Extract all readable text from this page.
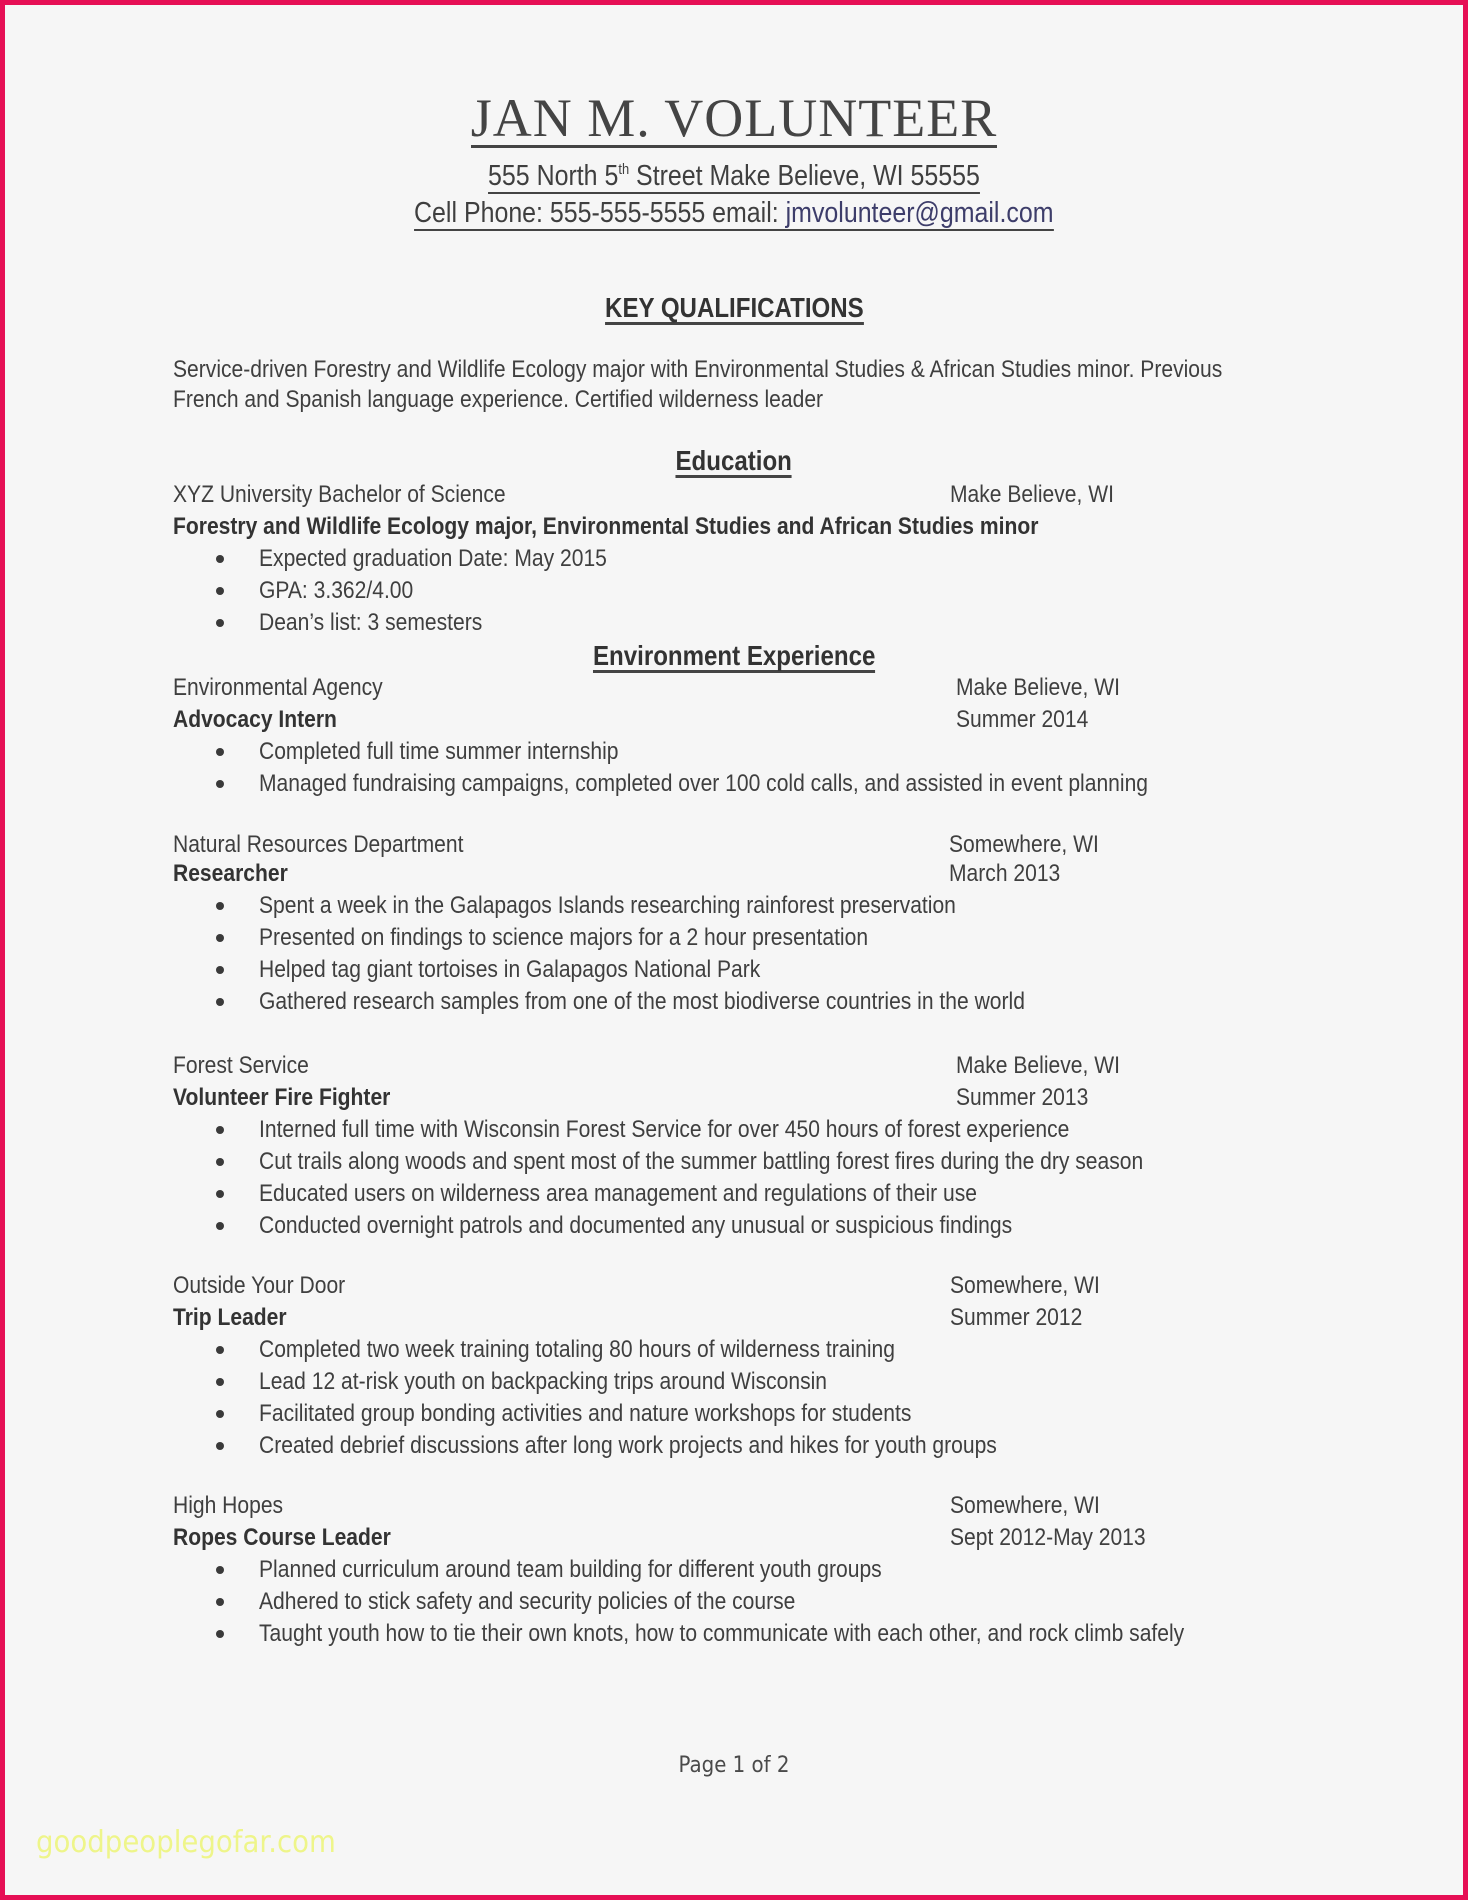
JAN M. VOLUNTEER
555 North 5th Street Make Believe, WI 55555
Cell Phone: 555-555-5555 email: jmvolunteer@gmail.com
KEY QUALIFICATIONS
Service-driven Forestry and Wildlife Ecology major with Environmental Studies & African Studies minor. Previous
French and Spanish language experience. Certified wilderness leader
Education
XYZ University Bachelor of Science	Make Believe, WI
Forestry and Wildlife Ecology major, Environmental Studies and African Studies minor
Expected graduation Date: May 2015
GPA: 3.362/4.00
Dean’s list: 3 semesters
Environment Experience
Environmental Agency	Make Believe, WI
Advocacy Intern	Summer 2014
Completed full time summer internship
Managed fundraising campaigns, completed over 100 cold calls, and assisted in event planning
Natural Resources Department	Somewhere, WI
Researcher	March 2013
Spent a week in the Galapagos Islands researching rainforest preservation
Presented on findings to science majors for a 2 hour presentation
Helped tag giant tortoises in Galapagos National Park
Gathered research samples from one of the most biodiverse countries in the world
Forest Service	Make Believe, WI
Volunteer Fire Fighter	Summer 2013
Interned full time with Wisconsin Forest Service for over 450 hours of forest experience
Cut trails along woods and spent most of the summer battling forest fires during the dry season
Educated users on wilderness area management and regulations of their use
Conducted overnight patrols and documented any unusual or suspicious findings
Outside Your Door	Somewhere, WI
Trip Leader	Summer 2012
Completed two week training totaling 80 hours of wilderness training
Lead 12 at-risk youth on backpacking trips around Wisconsin
Facilitated group bonding activities and nature workshops for students
Created debrief discussions after long work projects and hikes for youth groups
High Hopes	Somewhere, WI
Ropes Course Leader	Sept 2012-May 2013
Planned curriculum around team building for different youth groups
Adhered to stick safety and security policies of the course
Taught youth how to tie their own knots, how to communicate with each other, and rock climb safely
Page 1 of 2
goodpeoplegofar.com
